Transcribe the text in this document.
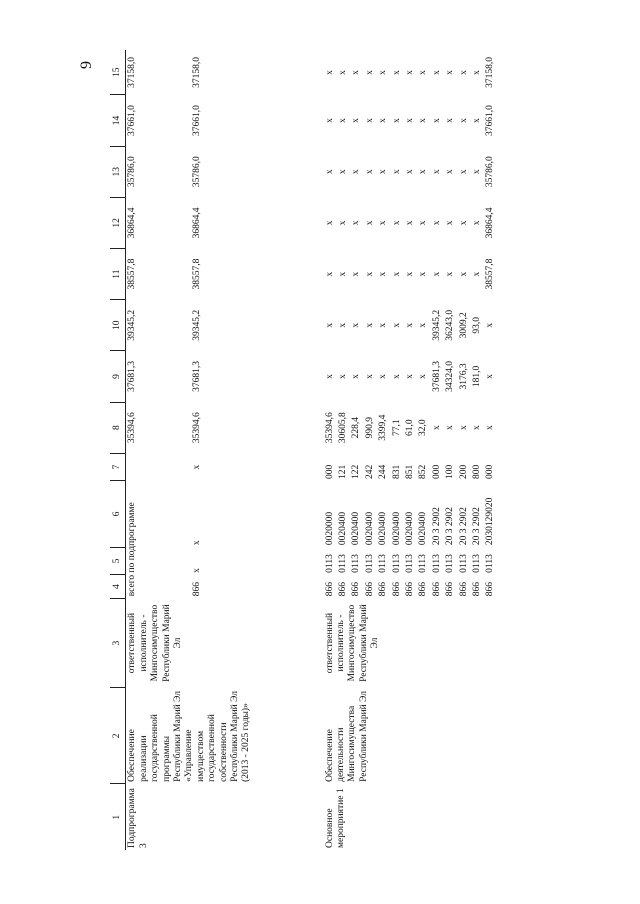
9
1	2	3	4	5	6	7	8	9	10	11	12	13	14	15
Подпрограмма 3	Обеспечение реализации государственной программы Республики Марий Эл «Управление имуществом государственной собственности Республики Марий Эл (2013 - 2025 годы)»	ответственный исполнитель - Мингосимущество Республики Марий Эл	всего по подпрограмме				35394,6	37681,3	39345,2	38557,8	36864,4	35786,0	37661,0	37158,0
			866	х	х	х	35394,6	37681,3	39345,2	38557,8	36864,4	35786,0	37661,0	37158,0

Основное мероприятие 1	Обеспечение деятельности Мингосимущества Республики Марий Эл	ответственный исполнитель - Мингосимущество Республики Марий Эл	866	0113	0020000	000	35394,6	х	х	х	х	х	х	х
			866	0113	0020400	121	30605,8	х	х	х	х	х	х	х
			866	0113	0020400	122	228,4	х	х	х	х	х	х	х
			866	0113	0020400	242	990,9	х	х	х	х	х	х	х
			866	0113	0020400	244	3399,4	х	х	х	х	х	х	х
			866	0113	0020400	831	77,1	х	х	х	х	х	х	х
			866	0113	0020400	851	61,0	х	х	х	х	х	х	х
			866	0113	0020400	852	32,0	х	х	х	х	х	х	х
			866	0113	20 3 2902	000	х	37681,3	39345,2	х	х	х	х	х
			866	0113	20 3 2902	100	х	34324,0	36243,0	х	х	х	х	х
			866	0113	20 3 2902	200	х	3176,3	3009,2	х	х	х	х	х
			866	0113	20 3 2902	800	х	181,0	93,0	х	х	х	х	х
			866	0113	2030129020	000	х	х	х	38557,8	36864,4	35786,0	37661,0	37158,0
